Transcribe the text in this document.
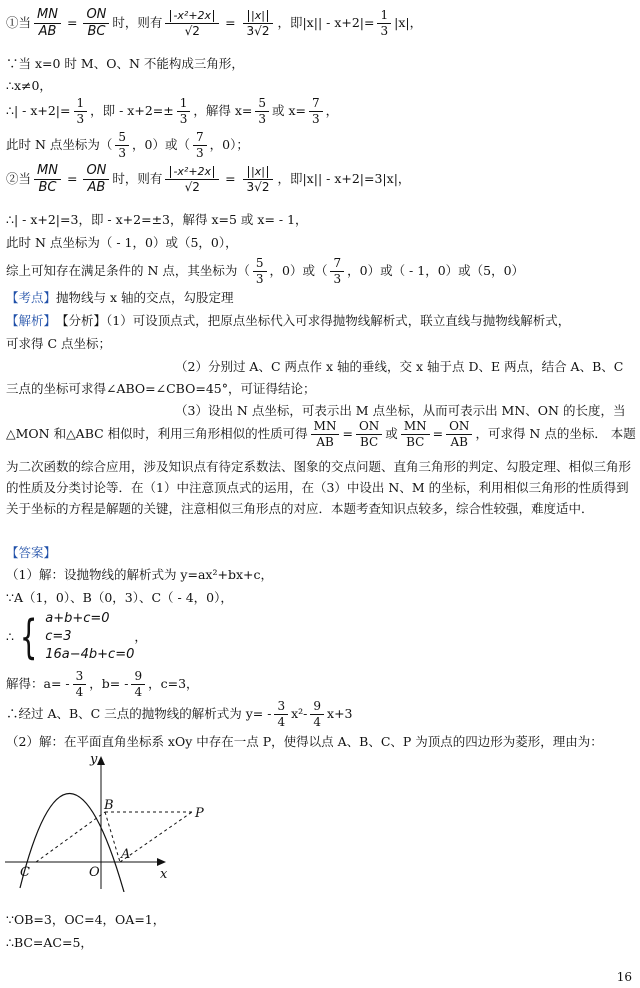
①当 $\frac{MN}{AB} = \frac{ON}{BC}$ 时，则有 $\frac{\text{-x²+2x}}{√2} = \frac{|x|}{3√2}$ ，即$|x|| - x+2|= \frac{1}{3} |x|$，
∵当 x=0 时 M、O、N 不能构成三角形，
∴x≠0，
∴| - $x+2|= \frac{1}{3}$ ，即 - $x+2=\pm \frac{1}{3}$ ，解得 $x= \frac{5}{3}$ 或 $x= \frac{7}{3}$ ，
此时 N 点坐标为（ $\frac{5}{3}$ ，0）或（ $\frac{7}{3}$ ，0）；
②当 $\frac{MN}{BC} = \frac{ON}{AB}$ 时，则有 $\frac{\text{-x²+2x}}{√2} = \frac{|x|}{3√2}$ ，即|x|| - x+2|=3|x|，
∴| - x+2|=3，即 - x+2=±3，解得 x=5 或 x= - 1，
此时 N 点坐标为（ - 1，0）或（5，0），
综上可知存在满足条件的 N 点，其坐标为（ $\frac{5}{3}$ ，0）或（ $\frac{7}{3}$ ，0）或（ - 1，0）或（5，0）
【考点】 抛物线与 x 轴的交点，勾股定理
【解析】 【分析】（1）可设顶点式，把原点坐标代入可求得抛物线解析式，联立直线与抛物线解析式，
可求得 C 点坐标；
（2）分别过 A、C 两点作 x 轴的垂线，交 x 轴于点 D、E 两点，结合 A、B、C
三点的坐标可求得∠ABO=∠CBO=45°，可证得结论；
（3）设出 N 点坐标，可表示出 M 点坐标，从而可表示出 MN、ON 的长度，当
△MON 和△ABC 相似时，利用三角形相似的性质可得 $\frac{MN}{AB} = \frac{ON}{BC}$ 或 $\frac{MN}{BC} = \frac{ON}{AB}$ ，可求得 N 点的坐标． 本题
为二次函数的综合应用，涉及知识点有待定系数法、图象的交点问题、直角三角形的判定、勾股定理、相似三角形的性质及分类讨论等．在（1）中注意顶点式的运用，在（3）中设出 N、M 的坐标，利用相似三角形的性质得到关于坐标的方程是解题的关键，注意相似三角形点的对应．本题考查知识点较多，综合性较强，难度适中．
【答案】
（1）解：设抛物线的解析式为 y=ax²+bx+c，
∵A（1，0）、B（0，3）、C（ - 4，0），
∴ { a+b+c=0
c=3
16a−4b+c=0
，
解得：$a= - \frac{3}{4}$ ，$b= - \frac{9}{4}$ ，c=3，
∴经过 A、B、C 三点的抛物线的解析式为 $y= - \frac{3}{4} x^2- \frac{9}{4} x+3$
（2）解：在平面直角坐标系 xOy 中存在一点 P，使得以点 A、B、C、P 为顶点的四边形为菱形，理由为：
y
x
B
P
A
C	O
∵OB=3，OC=4，OA=1，
∴BC=AC=5，
16
